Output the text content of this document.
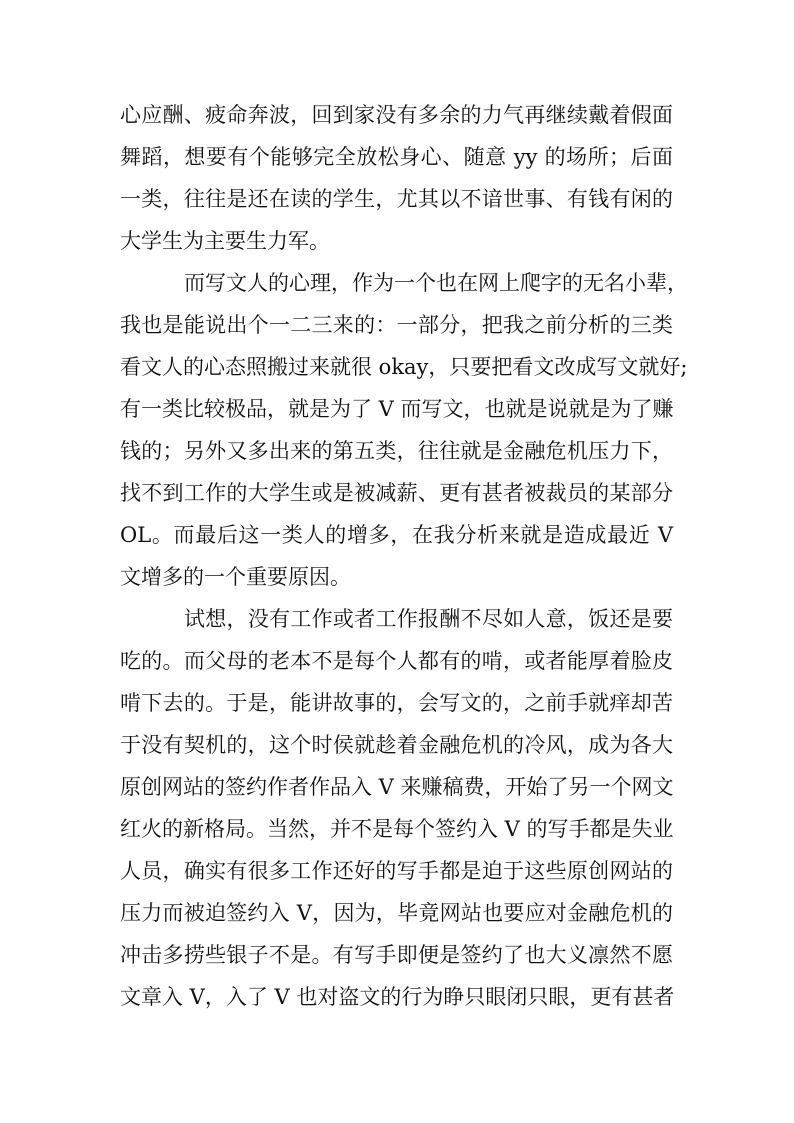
心应酬、疲命奔波，回到家没有多余的力气再继续戴着假面
舞蹈，想要有个能够完全放松身心、随意 yy 的场所；后面
一类，往往是还在读的学生，尤其以不谙世事、有钱有闲的
大学生为主要生力军。
而写文人的心理，作为一个也在网上爬字的无名小辈，
我也是能说出个一二三来的：一部分，把我之前分析的三类
看文人的心态照搬过来就很 okay，只要把看文改成写文就好;
有一类比较极品，就是为了 V 而写文，也就是说就是为了赚
钱的；另外又多出来的第五类，往往就是金融危机压力下，
找不到工作的大学生或是被减薪、更有甚者被裁员的某部分
OL。而最后这一类人的增多，在我分析来就是造成最近 V
文增多的一个重要原因。
试想，没有工作或者工作报酬不尽如人意，饭还是要
吃的。而父母的老本不是每个人都有的啃，或者能厚着脸皮
啃下去的。于是，能讲故事的，会写文的，之前手就痒却苦
于没有契机的，这个时侯就趁着金融危机的冷风，成为各大
原创网站的签约作者作品入 V 来赚稿费，开始了另一个网文
红火的新格局。当然，并不是每个签约入 V 的写手都是失业
人员，确实有很多工作还好的写手都是迫于这些原创网站的
压力而被迫签约入 V，因为，毕竟网站也要应对金融危机的
冲击多捞些银子不是。有写手即便是签约了也大义凛然不愿
文章入 V，入了 V 也对盗文的行为睁只眼闭只眼，更有甚者
